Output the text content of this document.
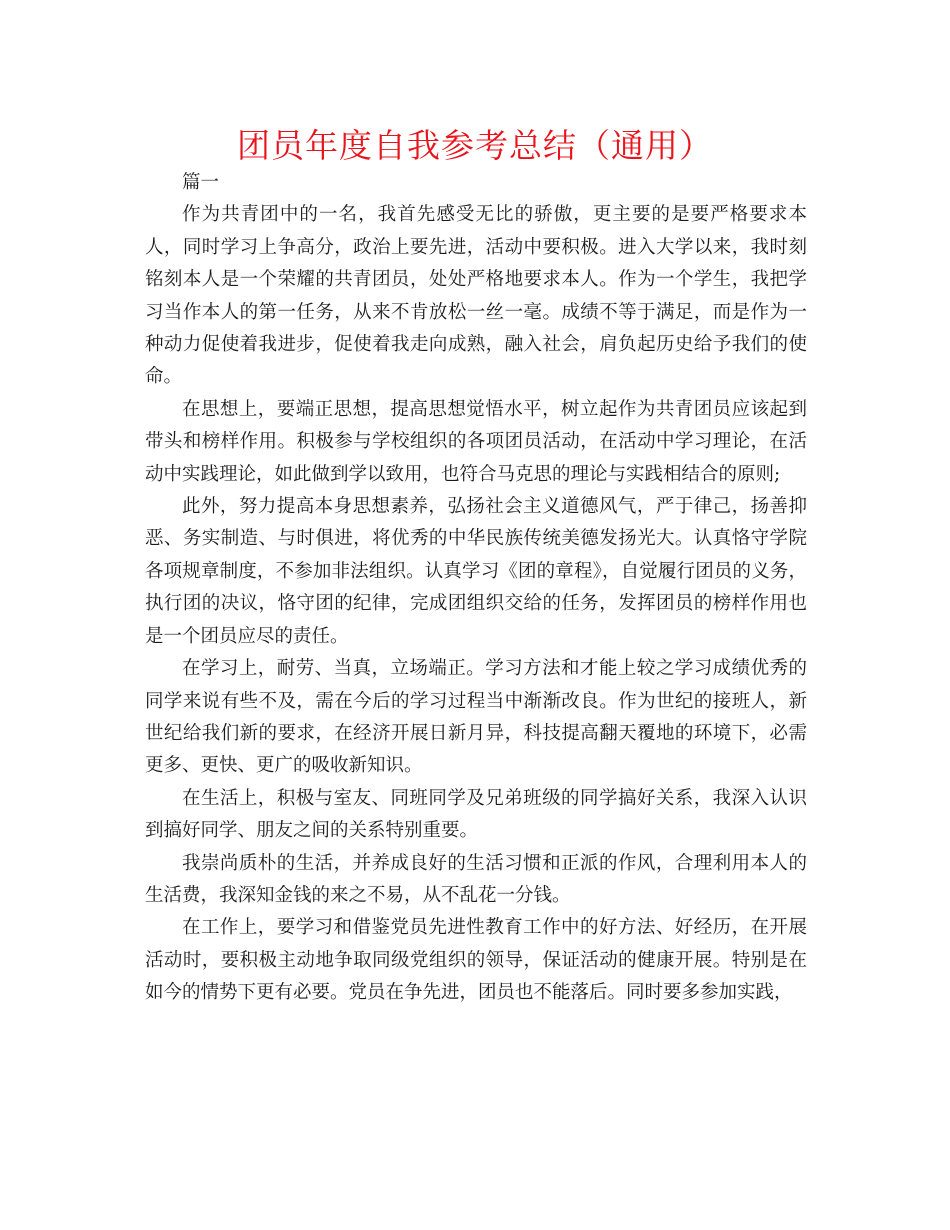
团员年度自我参考总结（通用）

篇一

作为共青团中的一名，我首先感受无比的骄傲，更主要的是要严格要求本人，同时学习上争高分，政治上要先进，活动中要积极。进入大学以来，我时刻铭刻本人是一个荣耀的共青团员，处处严格地要求本人。作为一个学生，我把学习当作本人的第一任务，从来不肯放松一丝一毫。成绩不等于满足，而是作为一种动力促使着我进步，促使着我走向成熟，融入社会，肩负起历史给予我们的使命。

在思想上，要端正思想，提高思想觉悟水平，树立起作为共青团员应该起到带头和榜样作用。积极参与学校组织的各项团员活动，在活动中学习理论，在活动中实践理论，如此做到学以致用，也符合马克思的理论与实践相结合的原则;

此外，努力提高本身思想素养，弘扬社会主义道德风气，严于律己，扬善抑恶、务实制造、与时俱进，将优秀的中华民族传统美德发扬光大。认真恪守学院各项规章制度，不参加非法组织。认真学习《团的章程》，自觉履行团员的义务，执行团的决议，恪守团的纪律，完成团组织交给的任务，发挥团员的榜样作用也是一个团员应尽的责任。

在学习上，耐劳、当真，立场端正。学习方法和才能上较之学习成绩优秀的同学来说有些不及，需在今后的学习过程当中渐渐改良。作为世纪的接班人，新世纪给我们新的要求，在经济开展日新月异，科技提高翻天覆地的环境下，必需更多、更快、更广的吸收新知识。

在生活上，积极与室友、同班同学及兄弟班级的同学搞好关系，我深入认识到搞好同学、朋友之间的关系特别重要。

我崇尚质朴的生活，并养成良好的生活习惯和正派的作风，合理利用本人的生活费，我深知金钱的来之不易，从不乱花一分钱。

在工作上，要学习和借鉴党员先进性教育工作中的好方法、好经历，在开展活动时，要积极主动地争取同级党组织的领导，保证活动的健康开展。特别是在如今的情势下更有必要。党员在争先进，团员也不能落后。同时要多参加实践，
